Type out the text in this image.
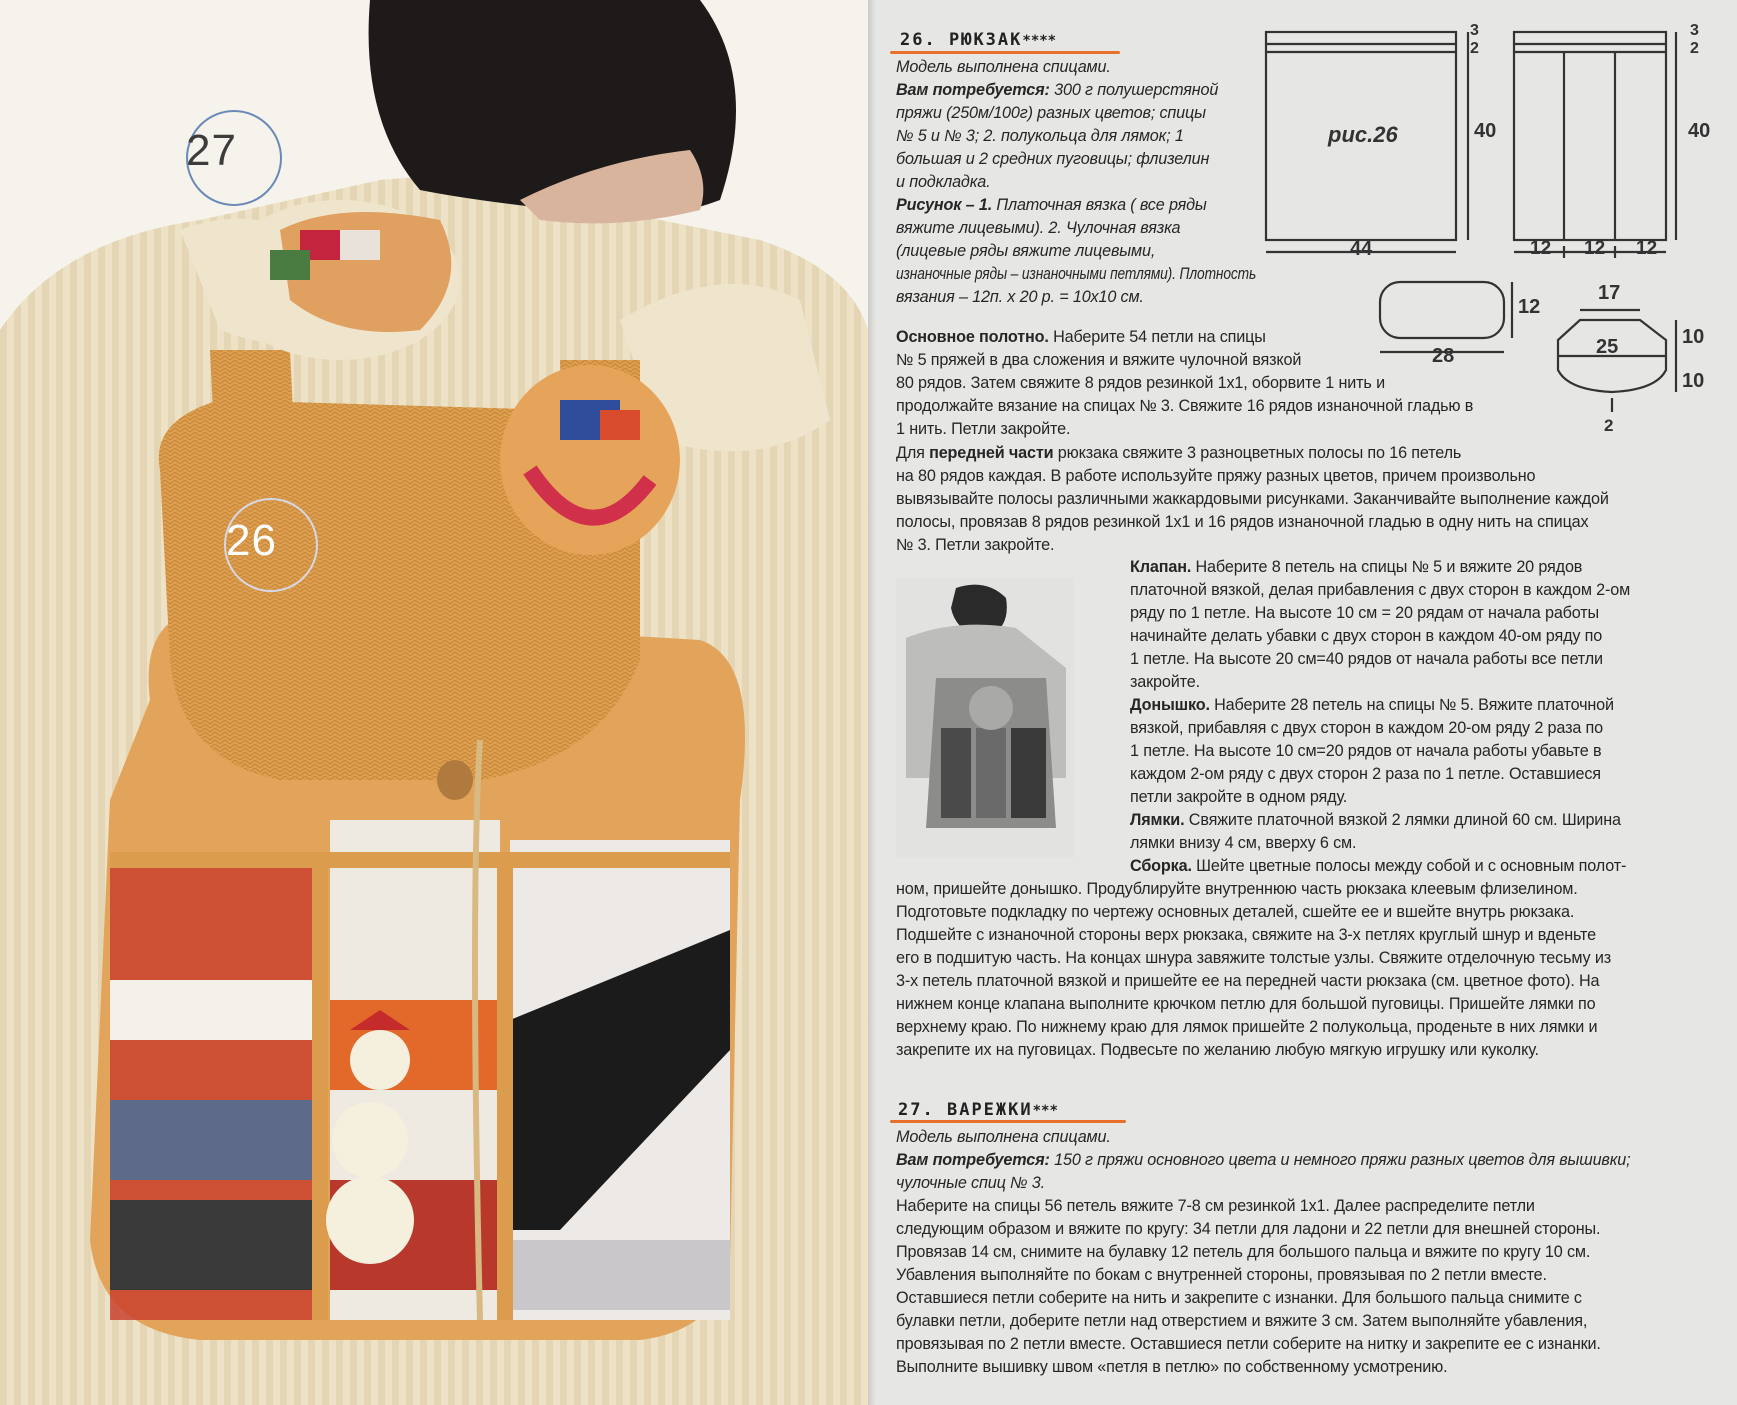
27
26
26. РЮКЗАК****
Модель выполнена спицами.
Вам потребуется: 300 г полушерстяной
пряжи (250м/100г) разных цветов; спицы
№ 5 и № 3; 2. полукольца для лямок; 1
большая и 2 средних пуговицы; флизелин
и подкладка.
Рисунок – 1. Платочная вязка ( все ряды
вяжите лицевыми). 2. Чулочная вязка
(лицевые ряды вяжите лицевыми,
изнаночные ряды – изнаночными петлями). Плотность
вязания – 12п. х 20 р. = 10х10 см.
Основное полотно. Наберите 54 петли на спицы
№ 5 пряжей в два сложения и вяжите чулочной вязкой
80 рядов. Затем свяжите 8 рядов резинкой 1х1, оборвите 1 нить и
продолжайте вязание на спицах № 3. Свяжите 16 рядов изнаночной гладью в
1 нить. Петли закройте.
Для передней части рюкзака свяжите 3 разноцветных полосы по 16 петель
на 80 рядов каждая. В работе используйте пряжу разных цветов, причем произвольно
вывязывайте полосы различными жаккардовыми рисунками. Заканчивайте выполнение каждой
полосы, провязав 8 рядов резинкой 1х1 и 16 рядов изнаночной гладью в одну нить на спицах
№ 3. Петли закройте.
Клапан. Наберите 8 петель на спицы № 5 и вяжите 20 рядов
платочной вязкой, делая прибавления с двух сторон в каждом 2-ом
ряду по 1 петле. На высоте 10 см = 20 рядам от начала работы
начинайте делать убавки с двух сторон в каждом 40-ом ряду по
1 петле. На высоте 20 см=40 рядов от начала работы все петли
закройте.
Донышко. Наберите 28 петель на спицы № 5. Вяжите платочной
вязкой, прибавляя с двух сторон в каждом 20-ом ряду 2 раза по
1 петле. На высоте 10 см=20 рядов от начала работы убавьте в
каждом 2-ом ряду с двух сторон 2 раза по 1 петле. Оставшиеся
петли закройте в одном ряду.
Лямки. Свяжите платочной вязкой 2 лямки длиной 60 см. Ширина
лямки внизу 4 см, вверху 6 см.
Сборка. Шейте цветные полосы между собой и с основным полот-
ном, пришейте донышко. Продублируйте внутреннюю часть рюкзака клеевым флизелином.
Подготовьте подкладку по чертежу основных деталей, сшейте ее и вшейте внутрь рюкзака.
Подшейте с изнаночной стороны верх рюкзака, свяжите на 3-х петлях круглый шнур и вденьте
его в подшитую часть. На концах шнура завяжите толстые узлы. Свяжите отделочную тесьму из
3-х петель платочной вязкой и пришейте ее на передней части рюкзака (см. цветное фото). На
нижнем конце клапана выполните крючком петлю для большой пуговицы. Пришейте лямки по
верхнему краю. По нижнему краю для лямок пришейте 2 полукольца, проденьте в них лямки и
закрепите их на пуговицах. Подвесьте по желанию любую мягкую игрушку или куколку.
рис.26
3
2
40
44
3
2
40
12 12 12
12
28
17
25	10
10
2
27. ВАРЕЖКИ***
Модель выполнена спицами.
Вам потребуется: 150 г пряжи основного цвета и немного пряжи разных цветов для вышивки;
чулочные спиц № 3.
Наберите на спицы 56 петель вяжите 7-8 см резинкой 1х1. Далее распределите петли
следующим образом и вяжите по кругу: 34 петли для ладони и 22 петли для внешней стороны.
Провязав 14 см, снимите на булавку 12 петель для большого пальца и вяжите по кругу 10 см.
Убавления выполняйте по бокам с внутренней стороны, провязывая по 2 петли вместе.
Оставшиеся петли соберите на нить и закрепите с изнанки. Для большого пальца снимите с
булавки петли, доберите петли над отверстием и вяжите 3 см. Затем выполняйте убавления,
провязывая по 2 петли вместе. Оставшиеся петли соберите на нитку и закрепите ее с изнанки.
Выполните вышивку швом «петля в петлю» по собственному усмотрению.
